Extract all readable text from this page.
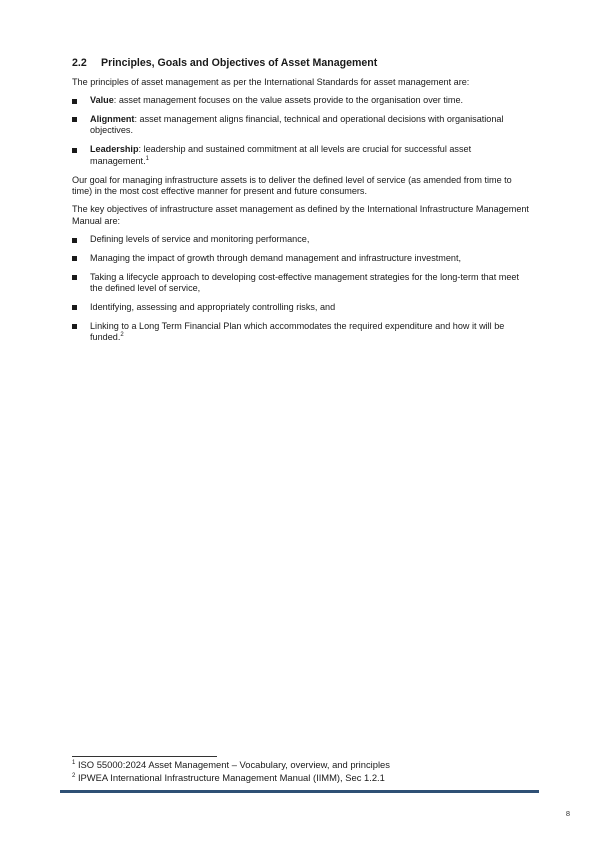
2.2 Principles, Goals and Objectives of Asset Management

The principles of asset management as per the International Standards for asset management are:

Value: asset management focuses on the value assets provide to the organisation over time.
Alignment: asset management aligns financial, technical and operational decisions with organisational objectives.
Leadership: leadership and sustained commitment at all levels are crucial for successful asset management.$^1$

Our goal for managing infrastructure assets is to deliver the defined level of service (as amended from time to time) in the most cost effective manner for present and future consumers.

The key objectives of infrastructure asset management as defined by the International Infrastructure Management Manual are:

Defining levels of service and monitoring performance,
Managing the impact of growth through demand management and infrastructure investment,
Taking a lifecycle approach to developing cost-effective management strategies for the long-term that meet the defined level of service,
Identifying, assessing and appropriately controlling risks, and
Linking to a Long Term Financial Plan which accommodates the required expenditure and how it will be funded.$^2$
$^1$ ISO 55000:2024 Asset Management – Vocabulary, overview, and principles
$^2$ IPWEA International Infrastructure Management Manual (IIMM), Sec 1.2.1
8
